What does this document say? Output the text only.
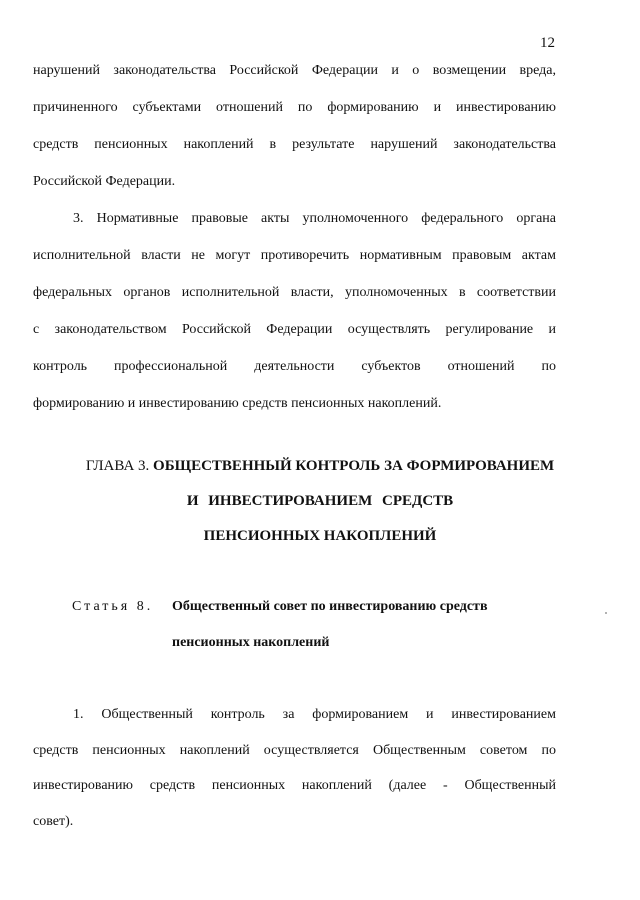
12
нарушений законодательства Российской Федерации и о возмещении вреда,
причиненного субъектами отношений по формированию и инвестированию
средств пенсионных накоплений в результате нарушений законодательства
Российской Федерации.
3. Нормативные правовые акты уполномоченного федерального органа
исполнительной власти не могут противоречить нормативным правовым актам
федеральных органов исполнительной власти, уполномоченных в соответствии
с законодательством Российской Федерации осуществлять регулирование и
контроль профессиональной деятельности субъектов отношений по
формированию и инвестированию средств пенсионных накоплений.
ГЛАВА 3. ОБЩЕСТВЕННЫЙ КОНТРОЛЬ ЗА ФОРМИРОВАНИЕМ
И ИНВЕСТИРОВАНИЕМ СРЕДСТВ
ПЕНСИОННЫХ НАКОПЛЕНИЙ
Статья 8. Общественный совет по инвестированию средств
пенсионных накоплений
1. Общественный контроль за формированием и инвестированием
средств пенсионных накоплений осуществляется Общественным советом по
инвестированию средств пенсионных накоплений (далее - Общественный
совет).
